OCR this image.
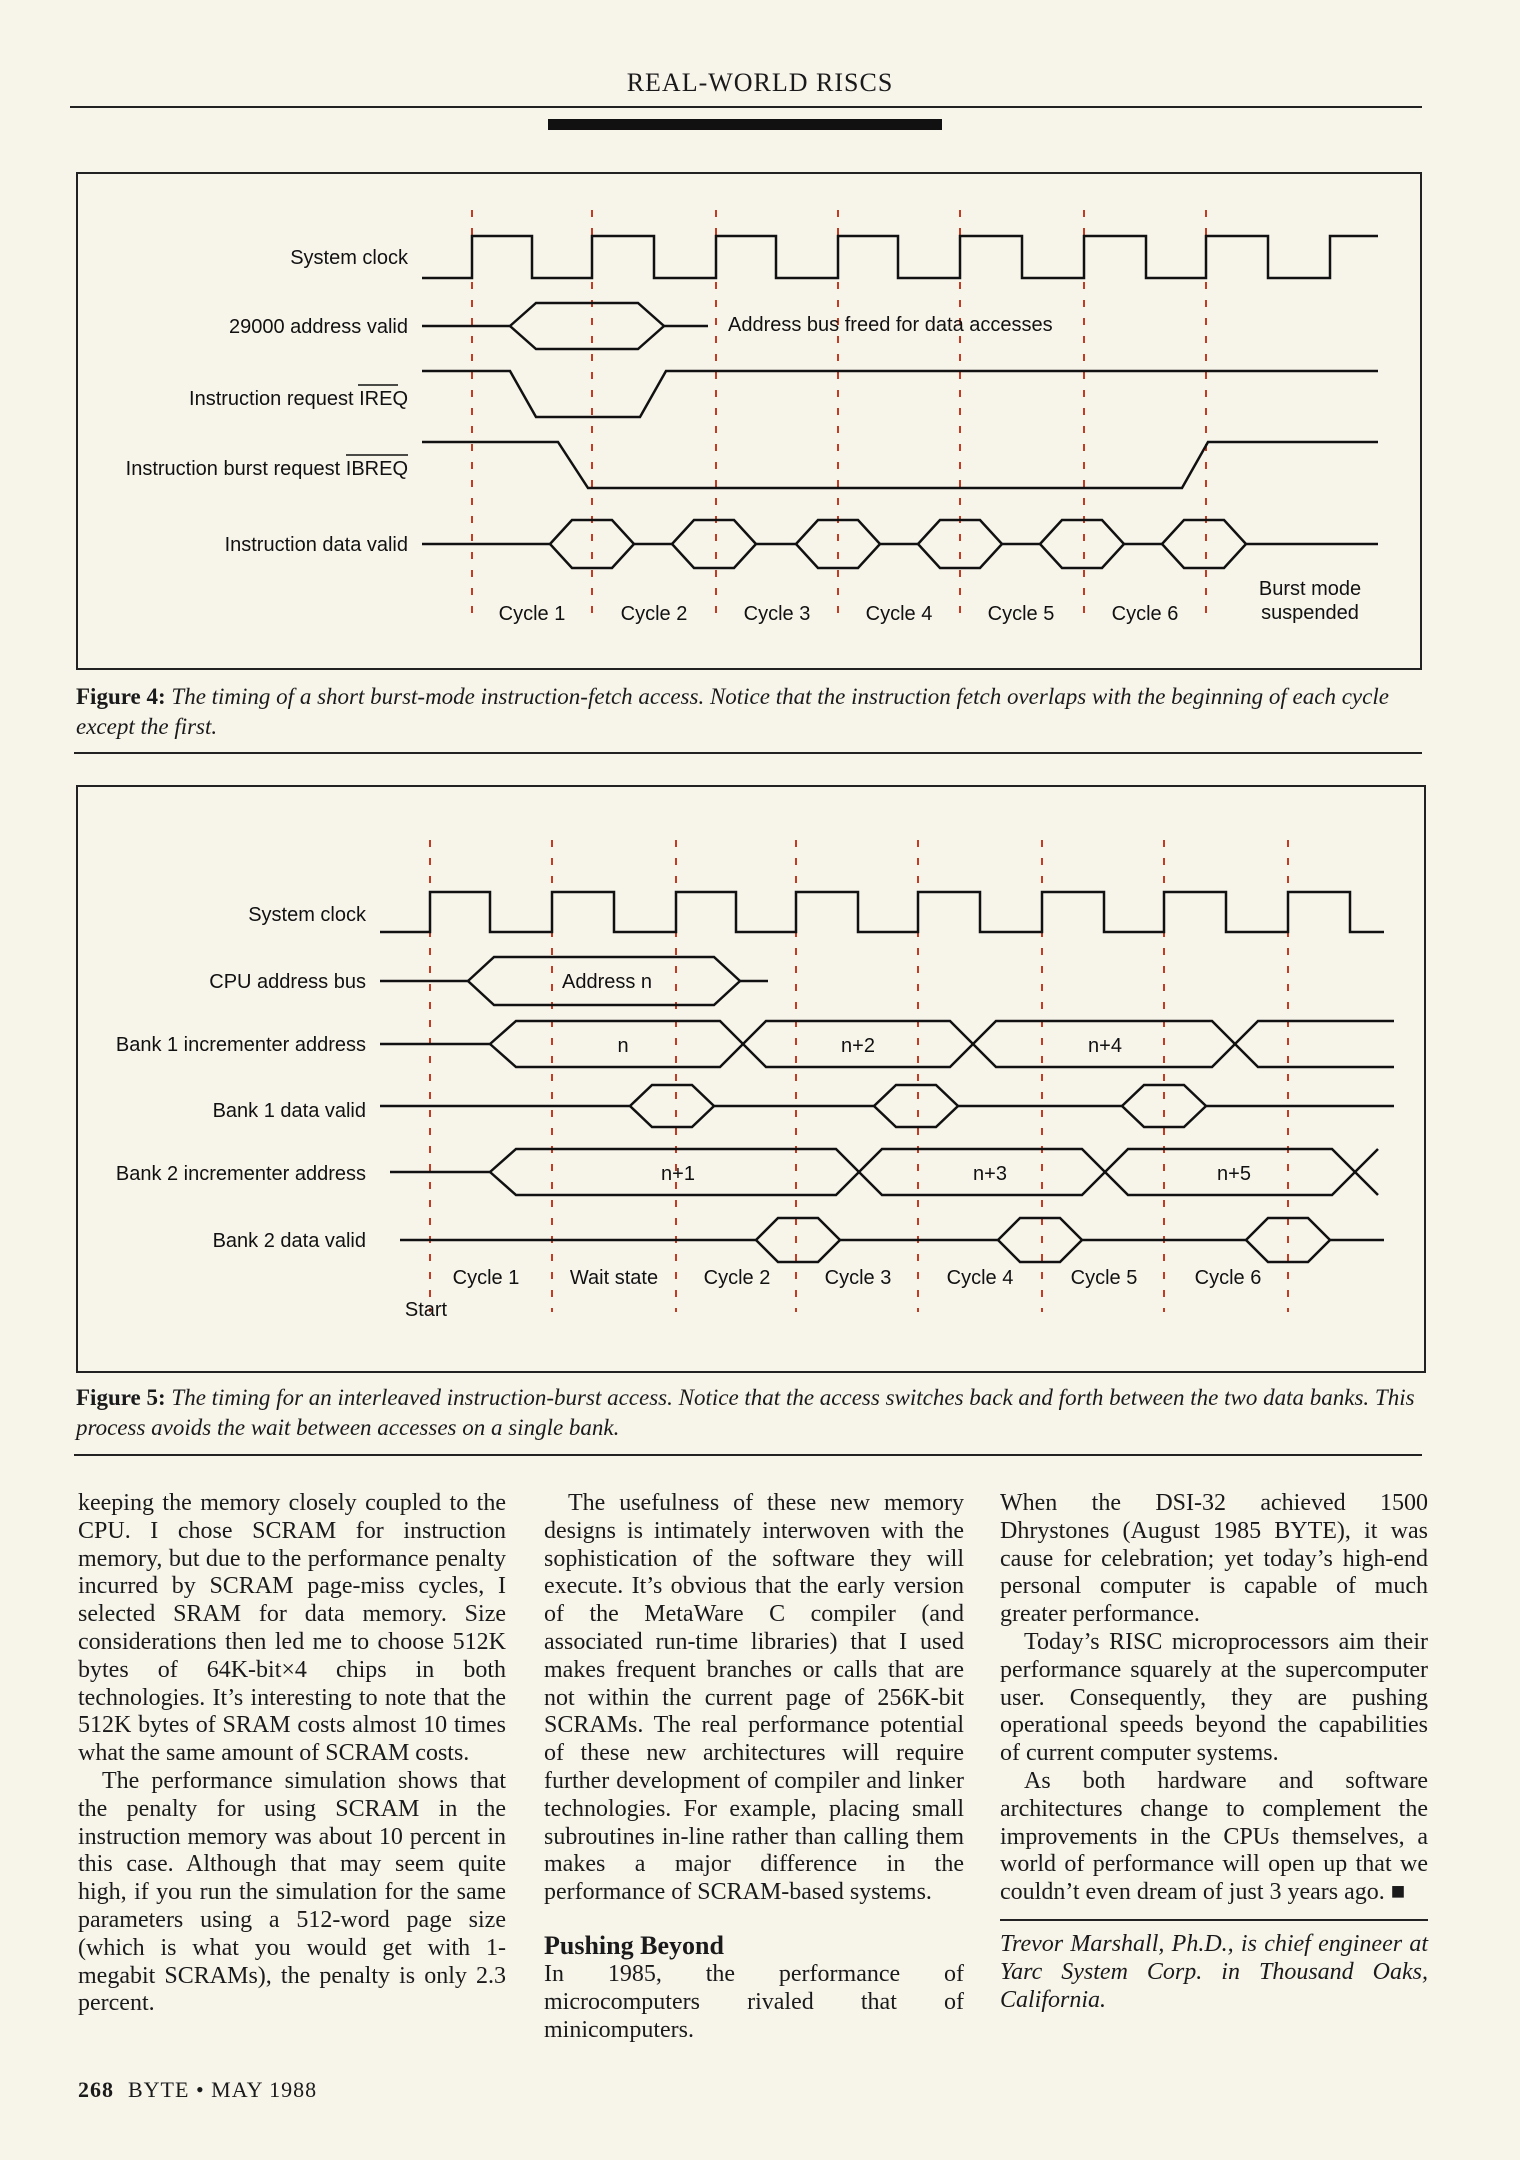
REAL-WORLD RISCS
System clock
29000 address valid
Instruction request IREQ
Instruction burst request IBREQ
Instruction data valid
Address bus freed for data accesses
Cycle 1	Cycle 2	Cycle 3	Cycle 4	Cycle 5	Cycle 6
Burst mode
suspended
System clock
CPU address bus
Bank 1 incrementer address
Bank 1 data valid
Bank 2 incrementer address
Bank 2 data valid
Address n
n	n+2	n+4
n+1	n+3	n+5
Cycle 1	Wait state Cycle 2	Cycle 3	Cycle 4	Cycle 5	Cycle 6
Start
Figure 4: The timing of a short burst-mode instruction-fetch access. Notice that the instruction fetch overlaps with the beginning of each cycle except the first.
Figure 5: The timing for an interleaved instruction-burst access. Notice that the access switches back and forth between the two data banks. This process avoids the wait between accesses on a single bank.

keeping the memory closely coupled to the CPU. I chose SCRAM for instruction memory, but due to the performance penalty incurred by SCRAM page-miss cycles, I selected SRAM for data memory. Size considerations then led me to choose 512K bytes of 64K-bit×4 chips in both technologies. It’s interesting to note that the 512K bytes of SRAM costs almost 10 times what the same amount of SCRAM costs.

The performance simulation shows that the penalty for using SCRAM in the instruction memory was about 10 percent in this case. Although that may seem quite high, if you run the simulation for the same parameters using a 512-word page size (which is what you would get with 1-megabit SCRAMs), the penalty is only 2.3 percent.

The usefulness of these new memory designs is intimately interwoven with the sophistication of the software they will execute. It’s obvious that the early version of the MetaWare C compiler (and associated run-time libraries) that I used makes frequent branches or calls that are not within the current page of 256K-bit SCRAMs. The real performance potential of these new architectures will require further development of compiler and linker technologies. For example, placing small subroutines in-line rather than calling them makes a major difference in the performance of SCRAM-based systems.

Pushing Beyond

In 1985, the performance of microcomputers rivaled that of minicomputers.

When the DSI-32 achieved 1500 Dhrystones (August 1985 BYTE), it was cause for celebration; yet today’s high-end personal computer is capable of much greater performance.

Today’s RISC microprocessors aim their performance squarely at the supercomputer user. Consequently, they are pushing operational speeds beyond the capabilities of current computer systems.

As both hardware and software architectures change to complement the improvements in the CPUs themselves, a world of performance will open up that we couldn’t even dream of just 3 years ago. ■

Trevor Marshall, Ph.D., is chief engineer at Yarc System Corp. in Thousand Oaks, California.

268 BYTE • MAY 1988
